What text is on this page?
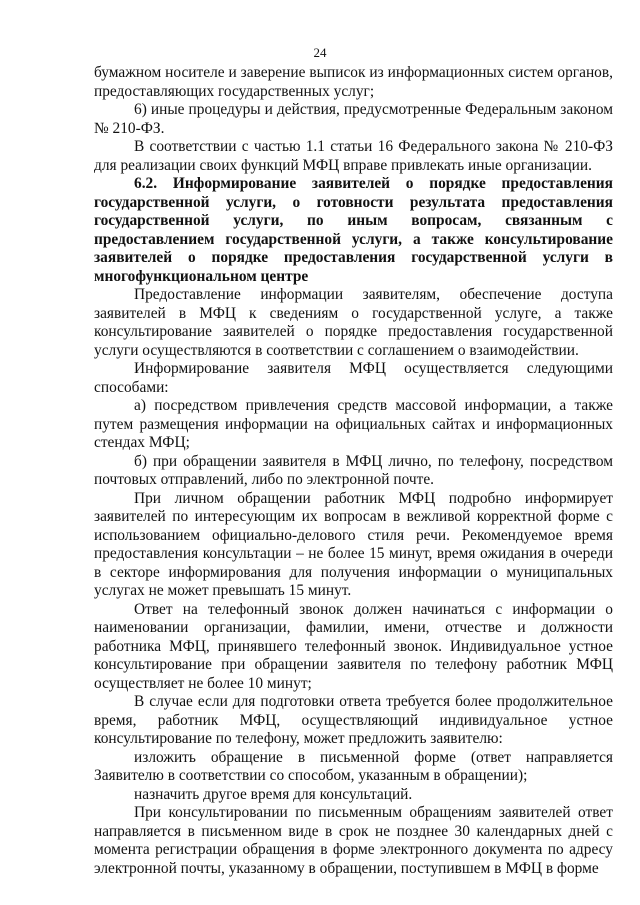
24

бумажном носителе и заверение выписок из информационных систем органов, предоставляющих государственных услуг;

6) иные процедуры и действия, предусмотренные Федеральным законом № 210-ФЗ.

В соответствии с частью 1.1 статьи 16 Федерального закона № 210-ФЗ для реализации своих функций МФЦ вправе привлекать иные организации.

6.2. Информирование заявителей о порядке предоставления государственной услуги, о готовности результата предоставления государственной услуги, по иным вопросам, связанным с предоставлением государственной услуги, а также консультирование заявителей о порядке предоставления государственной услуги в многофункциональном центре

Предоставление информации заявителям, обеспечение доступа заявителей в МФЦ к сведениям о государственной услуге, а также консультирование заявителей о порядке предоставления государственной услуги осуществляются в соответствии с соглашением о взаимодействии.

Информирование заявителя МФЦ осуществляется следующими способами:

а) посредством привлечения средств массовой информации, а также путем размещения информации на официальных сайтах и информационных стендах МФЦ;

б) при обращении заявителя в МФЦ лично, по телефону, посредством почтовых отправлений, либо по электронной почте.

При личном обращении работник МФЦ подробно информирует заявителей по интересующим их вопросам в вежливой корректной форме с использованием официально-делового стиля речи. Рекомендуемое время предоставления консультации – не более 15 минут, время ожидания в очереди в секторе информирования для получения информации о муниципальных услугах не может превышать 15 минут.

Ответ на телефонный звонок должен начинаться с информации о наименовании организации, фамилии, имени, отчестве и должности работника МФЦ, принявшего телефонный звонок. Индивидуальное устное консультирование при обращении заявителя по телефону работник МФЦ осуществляет не более 10 минут;

В случае если для подготовки ответа требуется более продолжительное время, работник МФЦ, осуществляющий индивидуальное устное консультирование по телефону, может предложить заявителю:

изложить обращение в письменной форме (ответ направляется Заявителю в соответствии со способом, указанным в обращении);

назначить другое время для консультаций.

При консультировании по письменным обращениям заявителей ответ направляется в письменном виде в срок не позднее 30 календарных дней с момента регистрации обращения в форме электронного документа по адресу электронной почты, указанному в обращении, поступившем в МФЦ в форме
